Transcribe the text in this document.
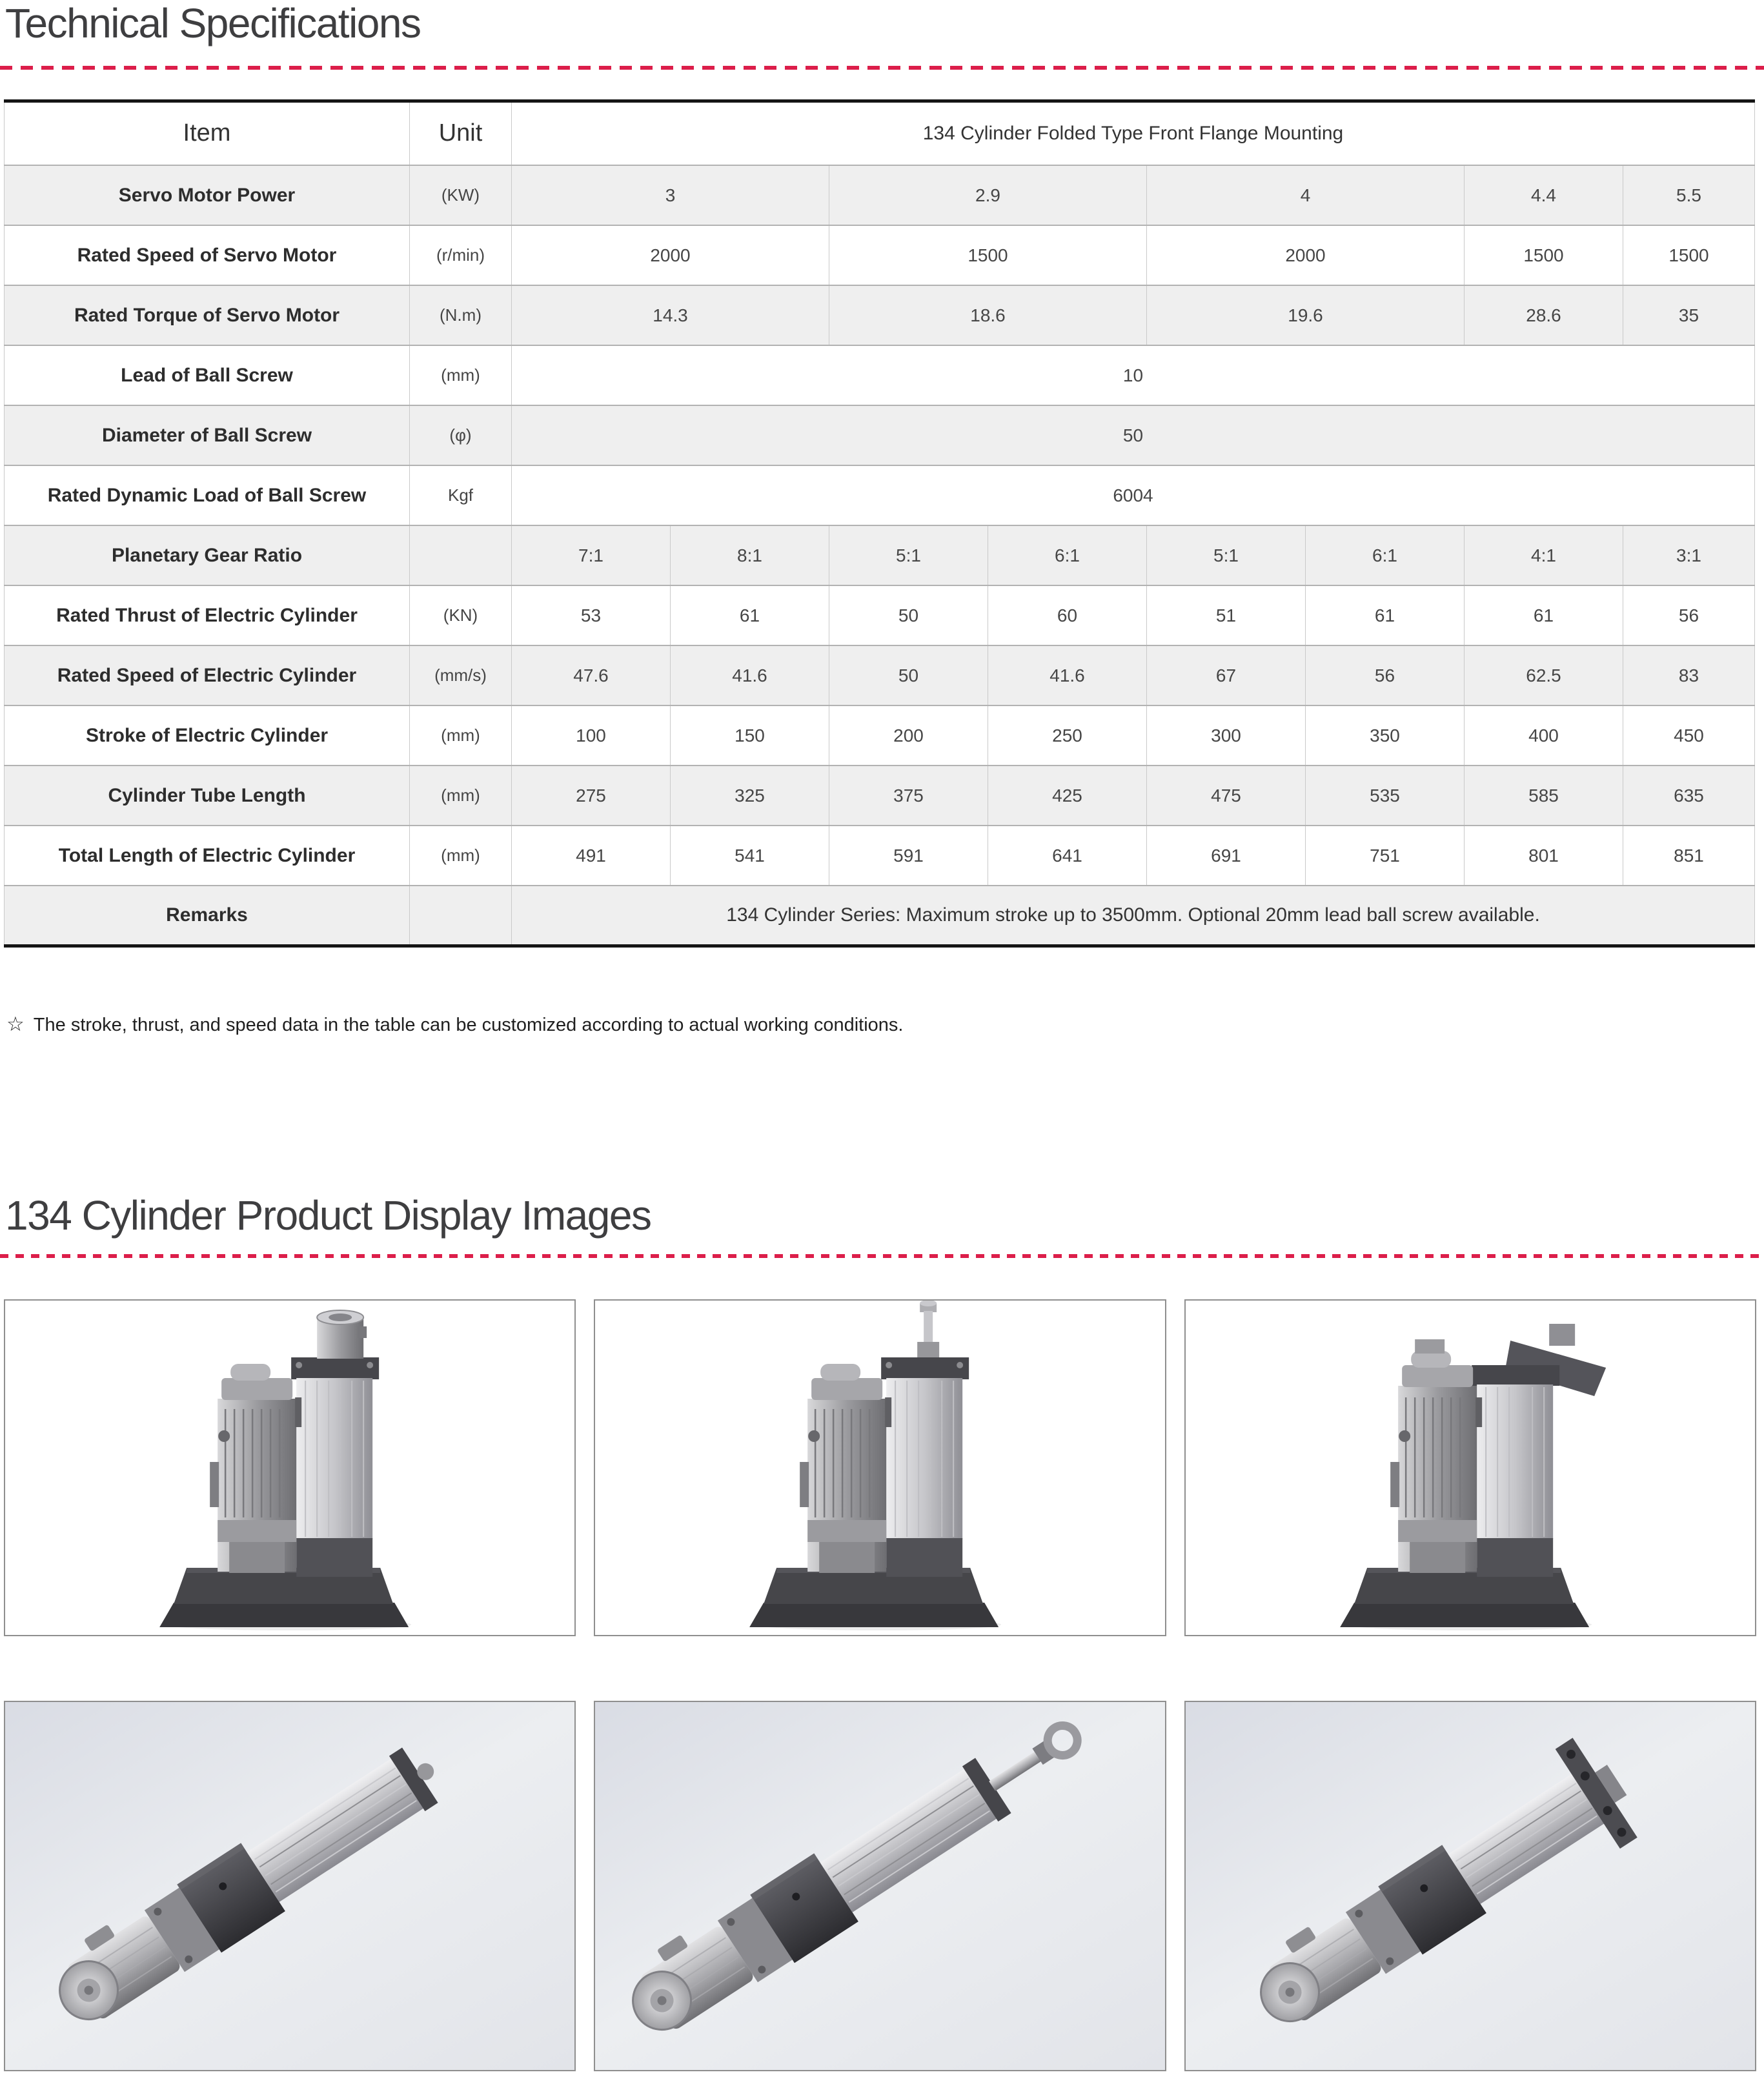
Technical Specifications
Item	Unit	134 Cylinder Folded Type Front Flange Mounting							
Servo Motor Power	(KW)	3		2.9		4		4.4	5.5
Rated Speed of Servo Motor	(r/min)	2000		1500		2000		1500	1500
Rated Torque of Servo Motor	(N.m)	14.3		18.6		19.6		28.6	35
Lead of Ball Screw	(mm)	10							
Diameter of Ball Screw	(φ)	50							
Rated Dynamic Load of Ball Screw	Kgf	6004							
Planetary Gear Ratio		7:1	8:1	5:1	6:1	5:1	6:1	4:1	3:1
Rated Thrust of Electric Cylinder	(KN)	53	61	50	60	51	61	61	56
Rated Speed of Electric Cylinder	(mm/s)	47.6	41.6	50	41.6	67	56	62.5	83
Stroke of Electric Cylinder	(mm)	100	150	200	250	300	350	400	450
Cylinder Tube Length	(mm)	275	325	375	425	475	535	585	635
Total Length of Electric Cylinder	(mm)	491	541	591	641	691	751	801	851
Remarks		134 Cylinder Series: Maximum stroke up to 3500mm. Optional 20mm lead ball screw available.							

☆ The stroke, thrust, and speed data in the table can be customized according to actual working conditions.

134 Cylinder Product Display Images
